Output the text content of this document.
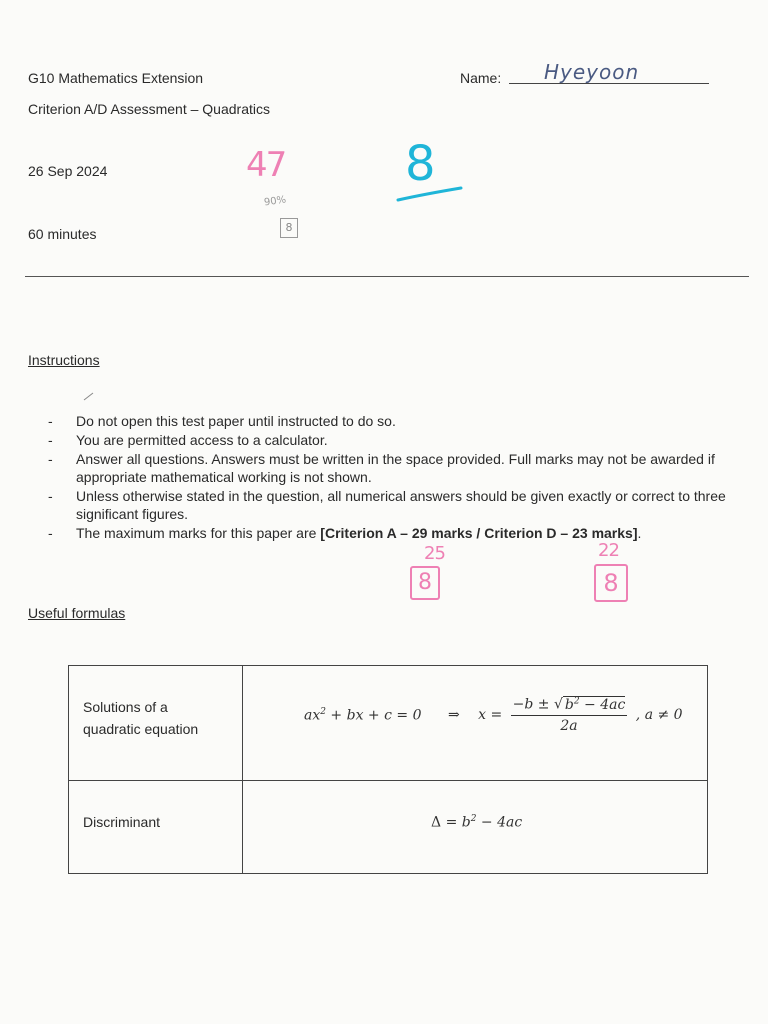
G10 Mathematics Extension
Criterion A/D Assessment – Quadratics
26 Sep 2024
60 minutes
Name: Hyeyoon
47
90%
8
8
Instructions
- Do not open this test paper until instructed to do so.
- You are permitted access to a calculator.
- Answer all questions. Answers must be written in the space provided. Full marks may not be awarded if appropriate mathematical working is not shown.
- Unless otherwise stated in the question, all numerical answers should be given exactly or correct to three significant figures.
- The maximum marks for this paper are [Criterion A – 29 marks / Criterion D – 23 marks].
25
8
22
8
Useful formulas
Solutions of a
quadratic equation
$ax^2$ + bx + c = 0 ⇒ $x = \frac{-b \pm √ b^2 - 4ac}{2a}$ , a ≠ 0
Discriminant	$\Delta = b^2 - 4ac$
